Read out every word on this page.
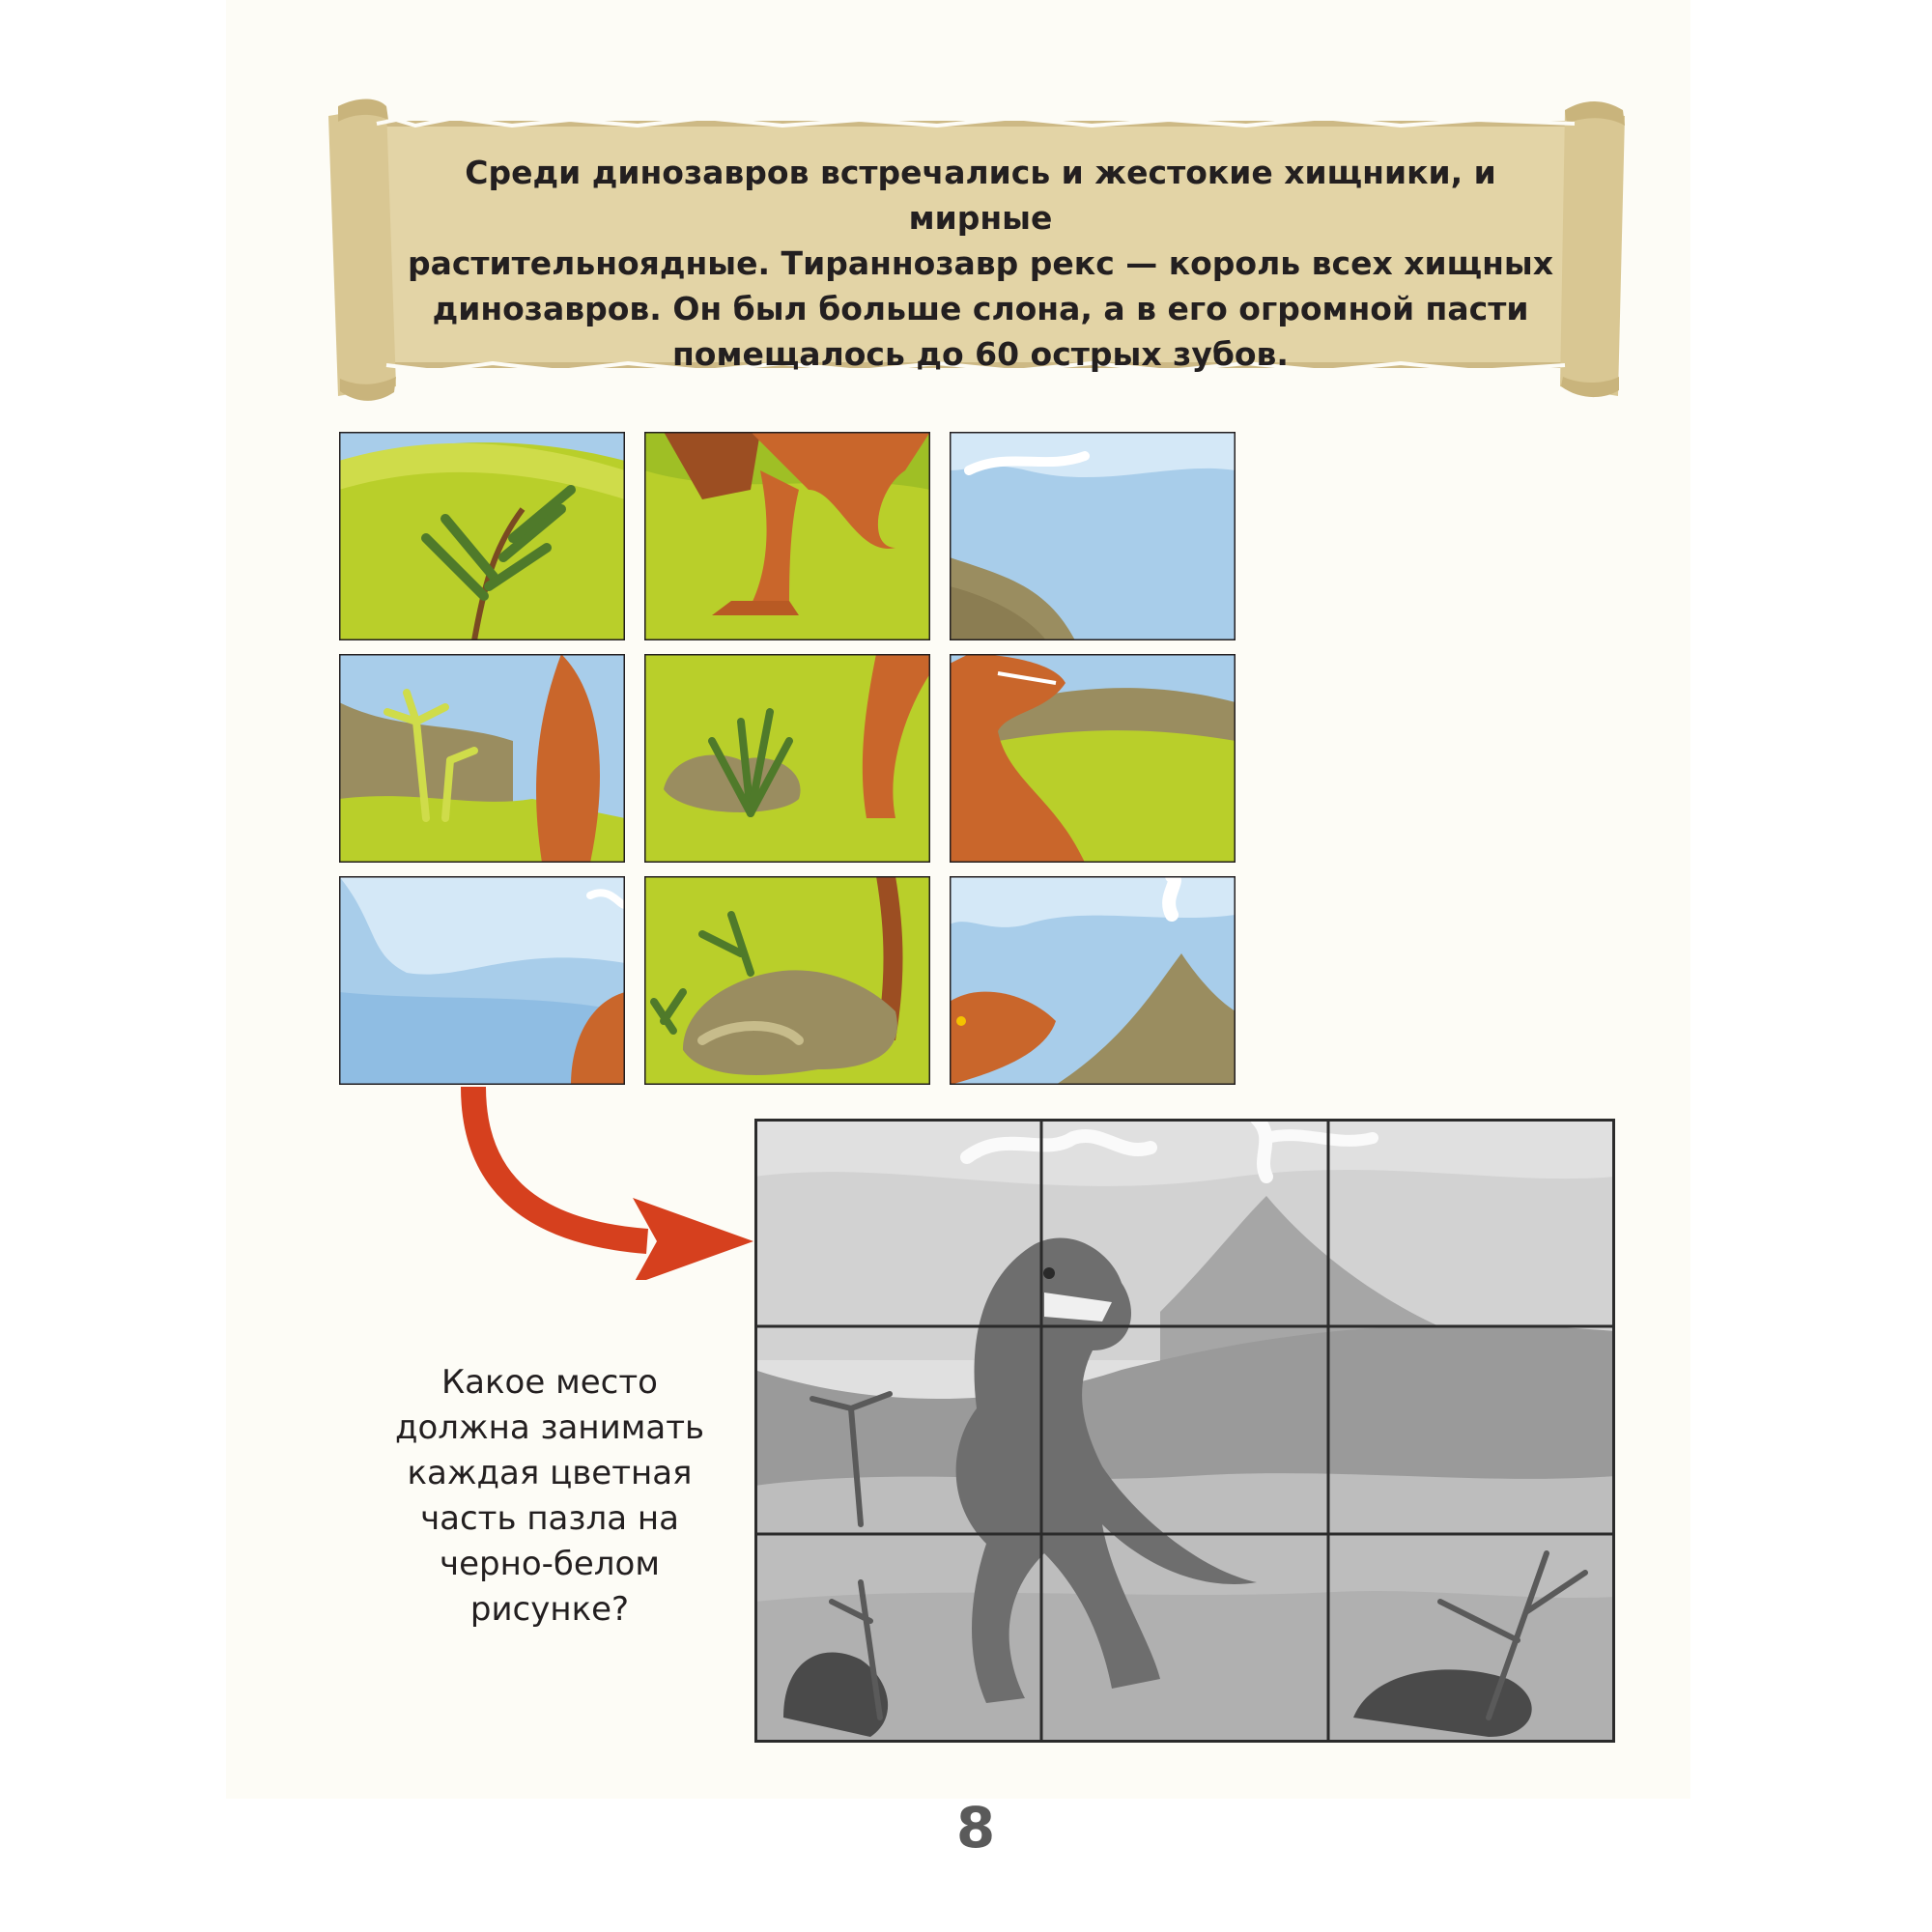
Среди динозавров встречались и жестокие хищники, и мирные
растительноядные. Тираннозавр рекс — король всех хищных
динозавров. Он был больше слона, а в его огромной пасти
помещалось до 60 острых зубов.
Какое место
должна занимать
каждая цветная
часть пазла на
черно-белом
рисунке?
8
